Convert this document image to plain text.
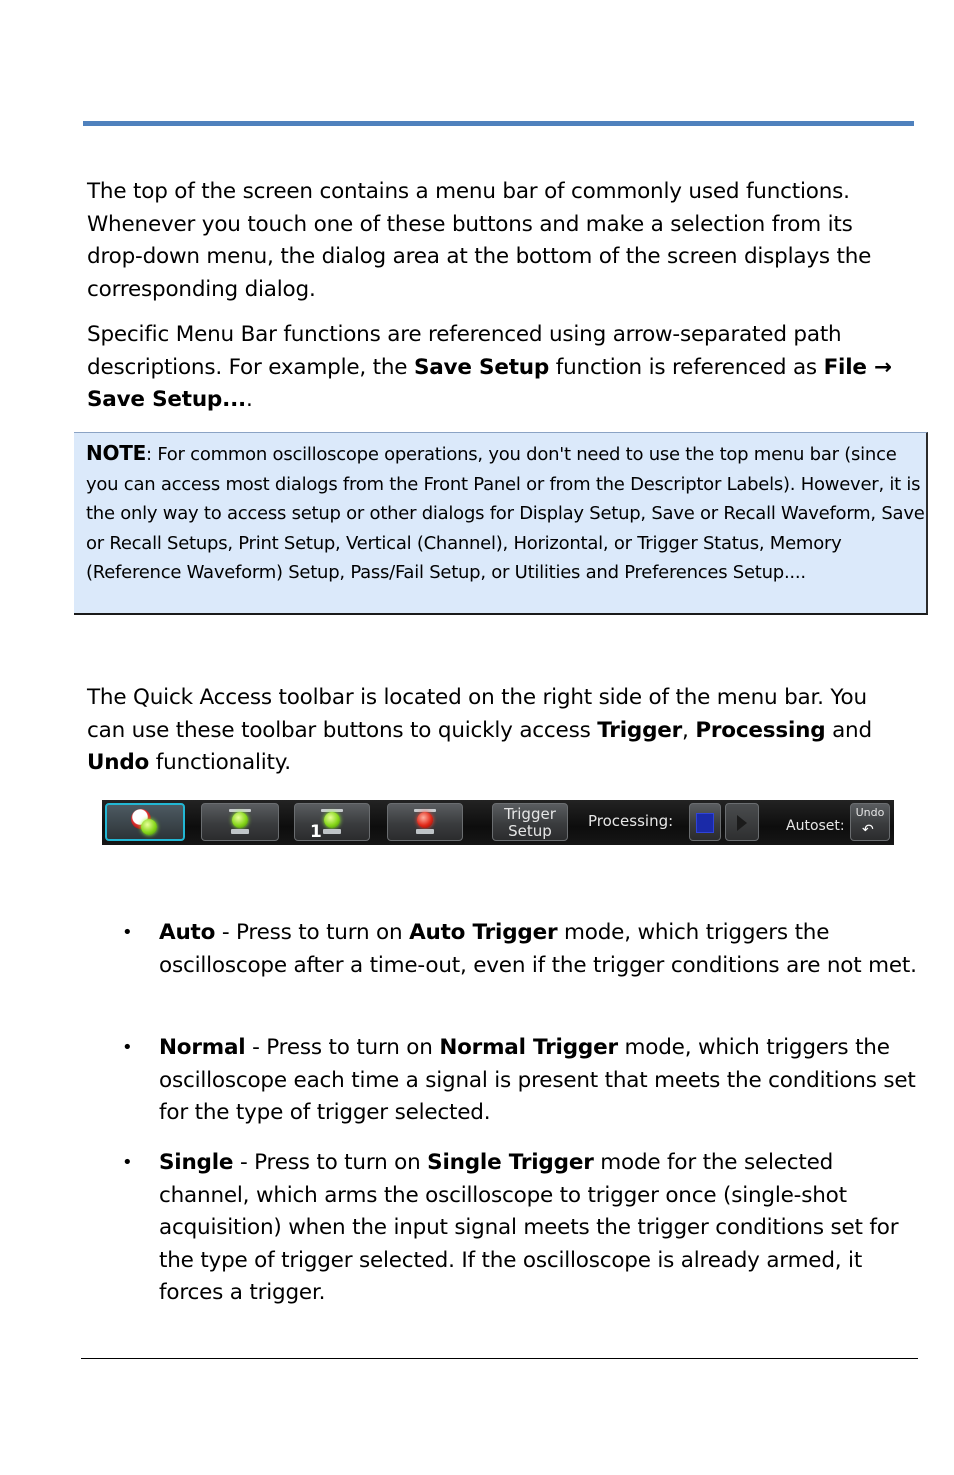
The top of the screen contains a menu bar of commonly used functions. Whenever you touch one of these buttons and make a selection from its drop-down menu, the dialog area at the bottom of the screen displays the corresponding dialog.

Specific Menu Bar functions are referenced using arrow-separated path descriptions. For example, the Save Setup function is referenced as File → Save Setup....

NOTE: For common oscilloscope operations, you don't need to use the top menu bar (since you can access most dialogs from the Front Panel or from the Descriptor Labels). However, it is the only way to access setup or other dialogs for Display Setup, Save or Recall Waveform, Save or Recall Setups, Print Setup, Vertical (Channel), Horizontal, or Trigger Status, Memory (Reference Waveform) Setup, Pass/Fail Setup, or Utilities and Preferences Setup....

The Quick Access toolbar is located on the right side of the menu bar. You can use these toolbar buttons to quickly access Trigger, Processing and Undo functionality.

1
Trigger
Setup
Processing:	Autoset:
Undo
↶
• Auto - Press to turn on Auto Trigger mode, which triggers the oscilloscope after a time-out, even if the trigger conditions are not met.
• Normal - Press to turn on Normal Trigger mode, which triggers the oscilloscope each time a signal is present that meets the conditions set for the type of trigger selected.
• Single - Press to turn on Single Trigger mode for the selected channel, which arms the oscilloscope to trigger once (single-shot acquisition) when the input signal meets the trigger conditions set for the type of trigger selected. If the oscilloscope is already armed, it forces a trigger.
